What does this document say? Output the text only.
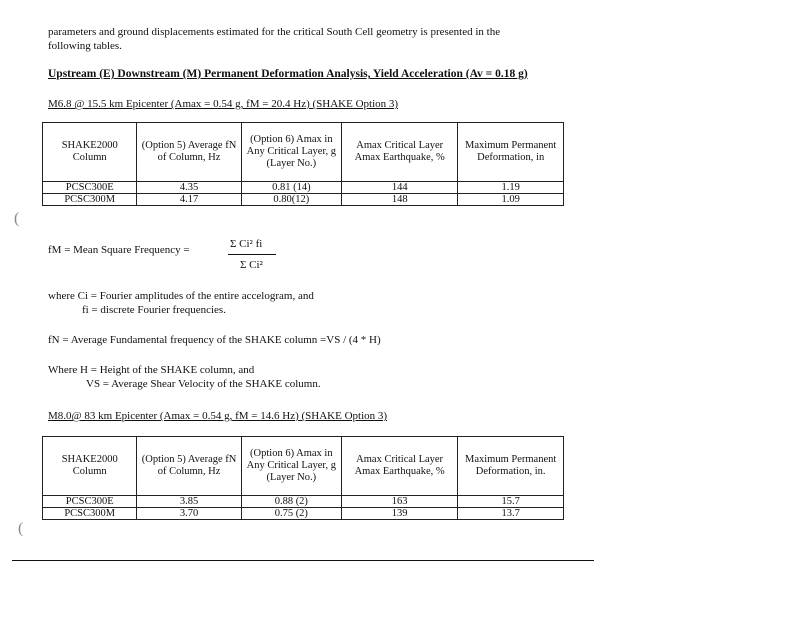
parameters and ground displacements estimated for the critical South Cell geometry is presented in the
following tables.
Upstream (E) Downstream (M) Permanent Deformation Analysis, Yield Acceleration (Av = 0.18 g)
M6.8 @ 15.5 km Epicenter (Amax = 0.54 g, fM = 20.4 Hz) (SHAKE Option 3)
SHAKE2000 Column	(Option 5) Average fN of Column, Hz	(Option 6) Amax in Any Critical Layer, g (Layer No.)	Amax Critical Layer Amax Earthquake, %	Maximum Permanent Deformation, in
PCSC300E	4.35	0.81 (14)	144	1.19
PCSC300M	4.17	0.80(12)	148	1.09
(
fM = Mean Square Frequency =	Σ Ci² fi
Σ Ci²
where Ci = Fourier amplitudes of the entire accelogram, and
fi = discrete Fourier frequencies.
fN = Average Fundamental frequency of the SHAKE column =VS / (4 * H)
Where H = Height of the SHAKE column, and
VS = Average Shear Velocity of the SHAKE column.
M8.0@ 83 km Epicenter (Amax = 0.54 g, fM = 14.6 Hz) (SHAKE Option 3)
SHAKE2000 Column	(Option 5) Average fN of Column, Hz	(Option 6) Amax in Any Critical Layer, g (Layer No.)	Amax Critical Layer Amax Earthquake, %	Maximum Permanent Deformation, in.
PCSC300E	3.85	0.88 (2)	163	15.7
PCSC300M	3.70	0.75 (2)	139	13.7
(
